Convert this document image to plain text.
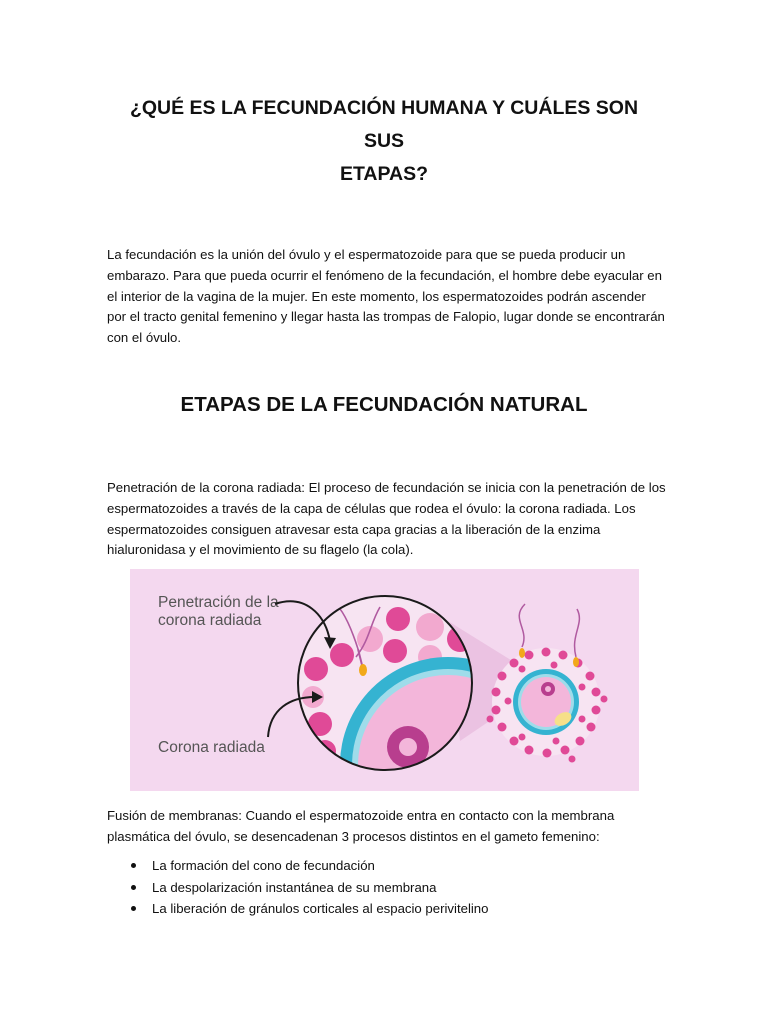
¿QUÉ ES LA FECUNDACIÓN HUMANA Y CUÁLES SON SUS
ETAPAS?

La fecundación es la unión del óvulo y el espermatozoide para que se pueda producir un embarazo. Para que pueda ocurrir el fenómeno de la fecundación, el hombre debe eyacular en el interior de la vagina de la mujer. En este momento, los espermatozoides podrán ascender por el tracto genital femenino y llegar hasta las trompas de Falopio, lugar donde se encontrarán con el óvulo.

ETAPAS DE LA FECUNDACIÓN NATURAL

Penetración de la corona radiada: El proceso de fecundación se inicia con la penetración de los espermatozoides a través de la capa de células que rodea el óvulo: la corona radiada. Los espermatozoides consiguen atravesar esta capa gracias a la liberación de la enzima hialuronidasa y el movimiento de su flagelo (la cola).

Penetración de la
corona radiada
Corona radiada

Fusión de membranas: Cuando el espermatozoide entra en contacto con la membrana plasmática del óvulo, se desencadenan 3 procesos distintos en el gameto femenino:

La formación del cono de fecundación
La despolarización instantánea de su membrana
La liberación de gránulos corticales al espacio perivitelino
